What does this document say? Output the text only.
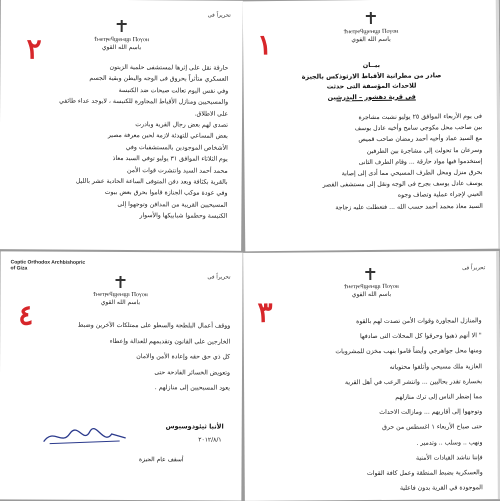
١	Ϯⲙⲉⲧⲣⲉϥϣⲉⲙϣⲓ Ⲡⲟⲩⲟⲛ
باسم الله القوي
بيــان
صادر من مطرانية الأقباط الارثوذكس بالجيزة
للاحداث المؤسفة التى حدثت
فى قرية دهشور – البدرشين
فى يوم الأربعاء الموافق ٢٥ يوليو نشبت مشاجرة
بين صاحب محل مكوجي سامح وأخيه عادل يوسف
مع السيد عماد وأخيه أحمد رمضان صاحب قميص
وسرعان ما تحولت إلى مشاجرة بين الطرفين
إستخدموا فيها مواد حارقة ... وقام الطرف الثانى
بحرق منزل ومحل الطرف المسيحي مما أدى إلى إصابة
يوسف عادل يوسف بجرح فى الوجه ونقل إلى مستشفى القصر
العيني لإجراء عملية وتصاف وجوه
السيد معاذ محمد أحمد حسب الله ... فتعطلت عليه زجاجة
٢
تحريراً فى
Ϯⲙⲉⲧⲣⲉϥϣⲉⲙϣⲓ Ⲡⲟⲩⲟⲛ
باسم الله القوي
حارقة نقل على إثرها لمستشفى حلمية الزيتون
العسكري متأثراً بحروق فى الوجه والبطن وبقية الجسم
وفي نفس اليوم تعالت صيحات ضد الكنيسة
والمسيحيين ومنازل الأقباط المجاورة للكنيسة ، لايوجد عداء طائفي
على الاطلاق.
تصدى لهم بعض رجال القرية وبادرت
بعض المساعي للتهدئة لازمة لحين معرفة مصير
الأشخاص الموجودين بالمستشفيات وفي
يوم الثلاثاء الموافق ٣١ يوليو توفي السيد معاذ
محمد أحمد السيد وانتشرت قوات الأمن
بالقرية بكثافة وبعد دفن المتوفى الساعة الحادية عشر بالليل
وفي عودة موكب الجنازة قاموا بحرق بعض بيوت
المسيحيين القريبة من المدافن وتوجهوا إلى
الكنيسة وحطموا شبابيكها والأسوار
٣
تحريراً فى
Ϯⲙⲉⲧⲣⲉϥϣⲉⲙϣⲓ Ⲡⲟⲩⲟⲛ
باسم الله القوي
والمنازل المجاورة وقوات الأمن تصدت لهم بالقوة
" الا أنهم ذهبوا وحرقوا كل المحلات التى صادفها
ومنها محل جواهرجي وأيضاً قاموا بنهب مخزن للمشروبات
الغازية ملك مسيحي وأتلفوا محتوياته
بخسارة تقدر بحاليين ... وانتشر الرعب في أهل القرية
مما إضطر الناس إلى ترك منازلهم
وتوجهوا إلى أقاربهم ... ومازالت الاحداث
حتى صباح الأربعاء ١ اغسطس من حرق
ونهب .. وسلب .. وتدمير .
فإننا نناشد القيادات الأمنية
والعسكرية بضبط المنطقة وعمل كافة القوات
الموجودة في القرية بدون فاعلية
Coptic Orthodox Archbishopric
of Giza
٤
تحريراً فى
Ϯⲙⲉⲧⲣⲉϥϣⲉⲙϣⲓ Ⲡⲟⲩⲟⲛ
باسم الله القوي
ووقف أعمال البلطجة والسطو على ممتلكات الآخرين وضبط
الخارجين على القانون وتقديمهم للعدالة وإعطاء
كل ذي حق حقه وإعادة الأمن والامان
وتعويض الخسائر الفادحة حتى
يعود المسيحيين إلى منازلهم .
الأنبا ثيئودوسيوس
٢٠١٢/٨/١
أسقف عام الجيزة
